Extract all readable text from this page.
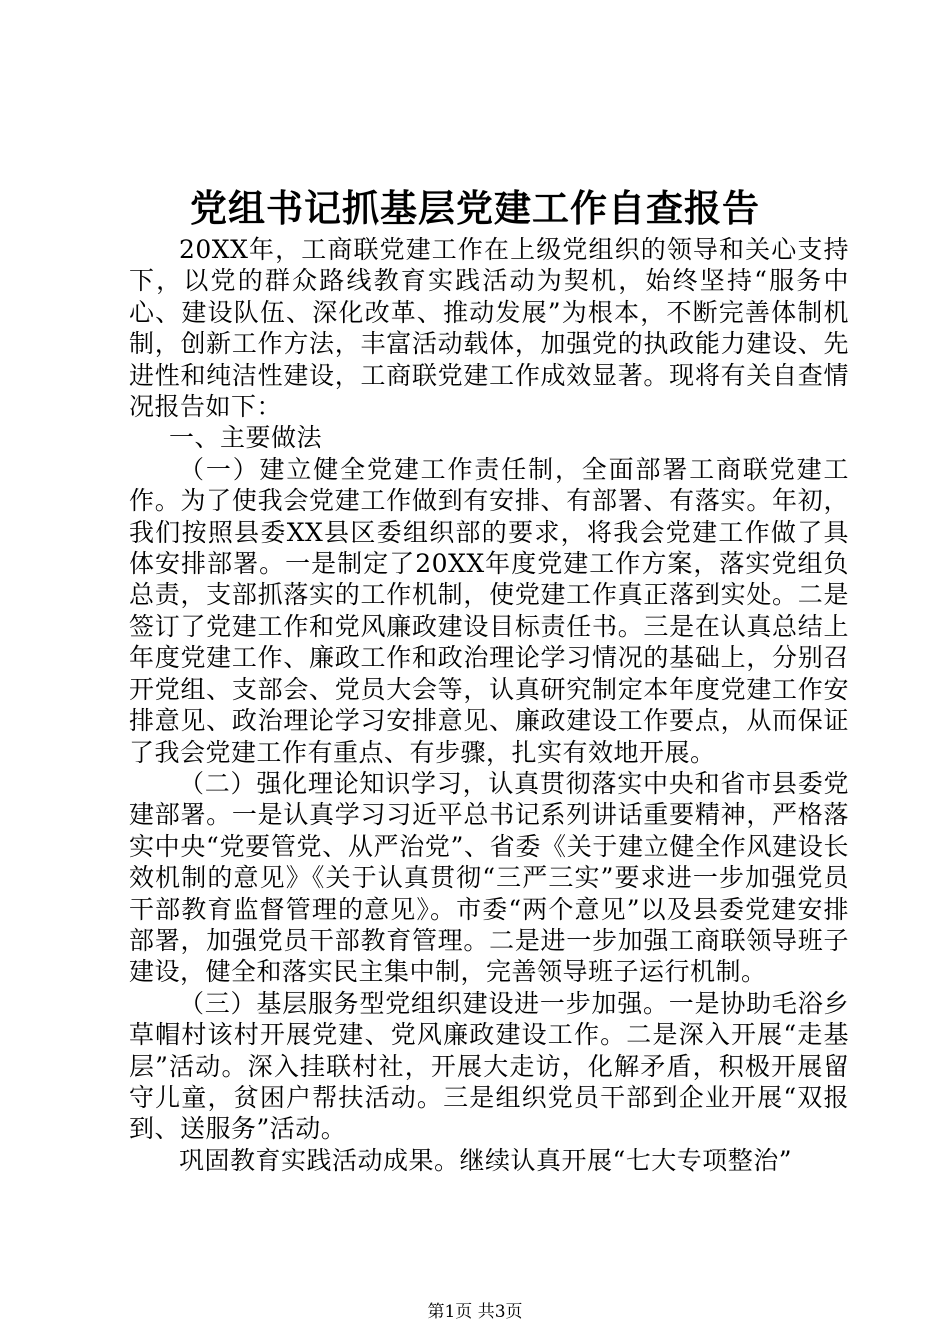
党组书记抓基层党建工作自查报告

20XX年，工商联党建工作在上级党组织的领导和关心支持下，以党的群众路线教育实践活动为契机，始终坚持“服务中心、建设队伍、深化改革、推动发展”为根本，不断完善体制机制，创新工作方法，丰富活动载体，加强党的执政能力建设、先进性和纯洁性建设，工商联党建工作成效显著。现将有关自查情况报告如下：

一、主要做法

（一）建立健全党建工作责任制，全面部署工商联党建工作。为了使我会党建工作做到有安排、有部署、有落实。年初，我们按照县委XX县区委组织部的要求，将我会党建工作做了具体安排部署。一是制定了20XX年度党建工作方案，落实党组负总责，支部抓落实的工作机制，使党建工作真正落到实处。二是签订了党建工作和党风廉政建设目标责任书。三是在认真总结上年度党建工作、廉政工作和政治理论学习情况的基础上，分别召开党组、支部会、党员大会等，认真研究制定本年度党建工作安排意见、政治理论学习安排意见、廉政建设工作要点，从而保证了我会党建工作有重点、有步骤，扎实有效地开展。

（二）强化理论知识学习，认真贯彻落实中央和省市县委党建部署。一是认真学习习近平总书记系列讲话重要精神，严格落实中央“党要管党、从严治党”、省委《关于建立健全作风建设长效机制的意见》《关于认真贯彻“三严三实”要求进一步加强党员干部教育监督管理的意见》。市委“两个意见”以及县委党建安排部署，加强党员干部教育管理。二是进一步加强工商联领导班子建设，健全和落实民主集中制，完善领导班子运行机制。

（三）基层服务型党组织建设进一步加强。一是协助毛浴乡草帽村该村开展党建、党风廉政建设工作。二是深入开展“走基层”活动。深入挂联村社，开展大走访，化解矛盾，积极开展留守儿童，贫困户帮扶活动。三是组织党员干部到企业开展“双报到、送服务”活动。

巩固教育实践活动成果。继续认真开展“七大专项整治”

第1页 共3页
